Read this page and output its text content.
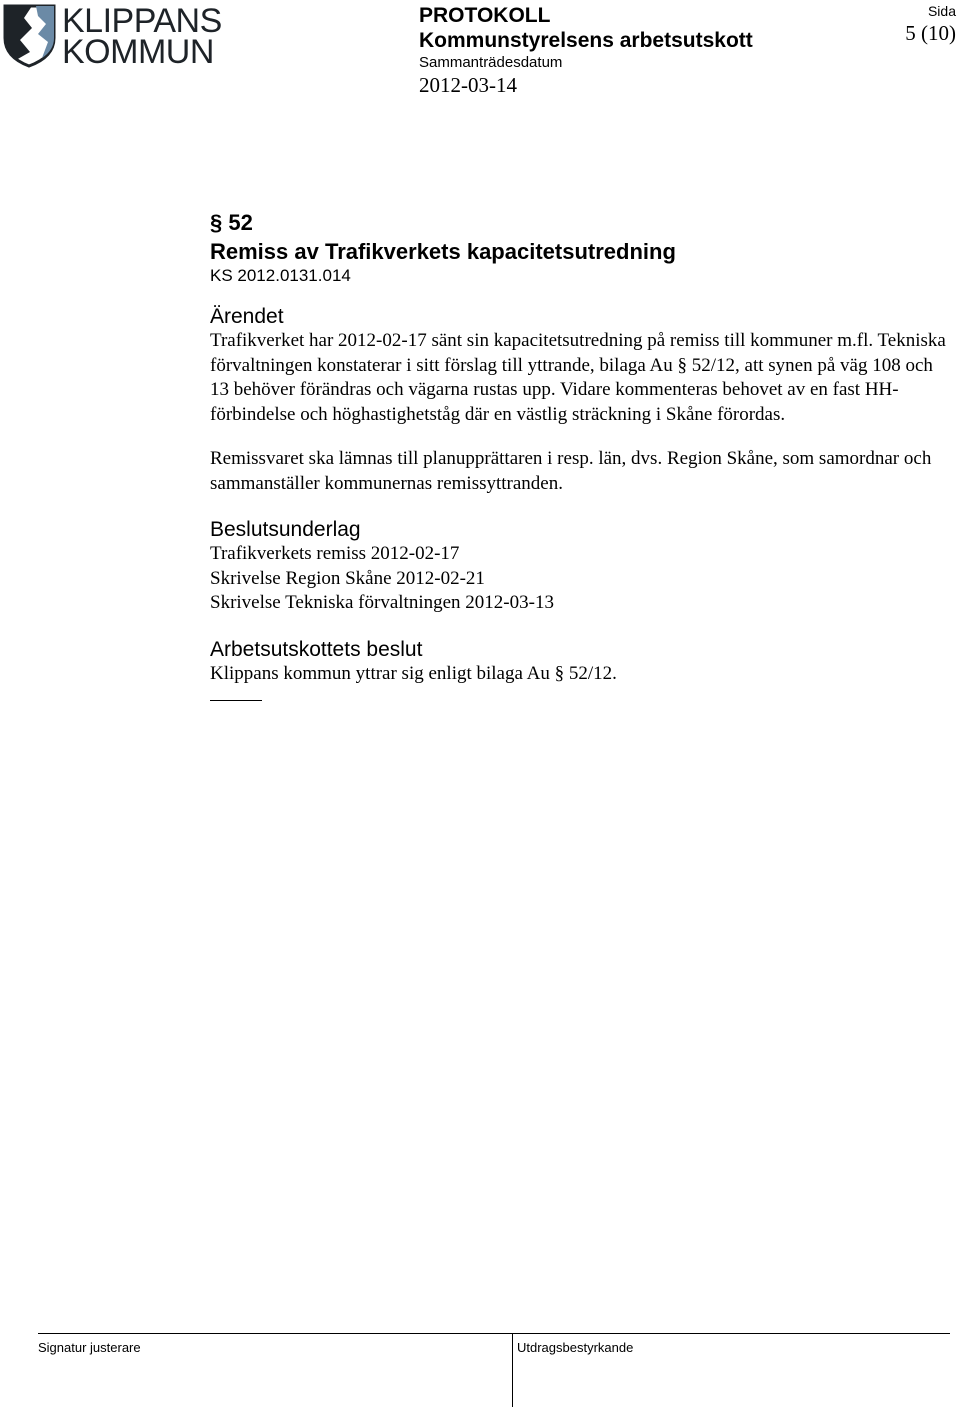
KLIPPANS
KOMMUN
PROTOKOLL
Kommunstyrelsens arbetsutskott
Sammanträdesdatum
2012-03-14
Sida
5 (10)
§ 52
Remiss av Trafikverkets kapacitetsutredning
KS 2012.0131.014
Ärendet

Trafikverket har 2012-02-17 sänt sin kapacitetsutredning på remiss till kommuner m.fl. Tekniska förvaltningen konstaterar i sitt förslag till yttrande, bilaga Au § 52/12, att synen på väg 108 och 13 behöver förändras och vägarna rustas upp. Vidare kommenteras behovet av en fast HH-förbindelse och höghastighetståg där en västlig sträckning i Skåne förordas.

Remissvaret ska lämnas till planupprättaren i resp. län, dvs. Region Skåne, som samordnar och sammanställer kommunernas remissyttranden.

Beslutsunderlag
Trafikverkets remiss 2012-02-17
Skrivelse Region Skåne 2012-02-21
Skrivelse Tekniska förvaltningen 2012-03-13
Arbetsutskottets beslut

Klippans kommun yttrar sig enligt bilaga Au § 52/12.

Signatur justerare	Utdragsbestyrkande
